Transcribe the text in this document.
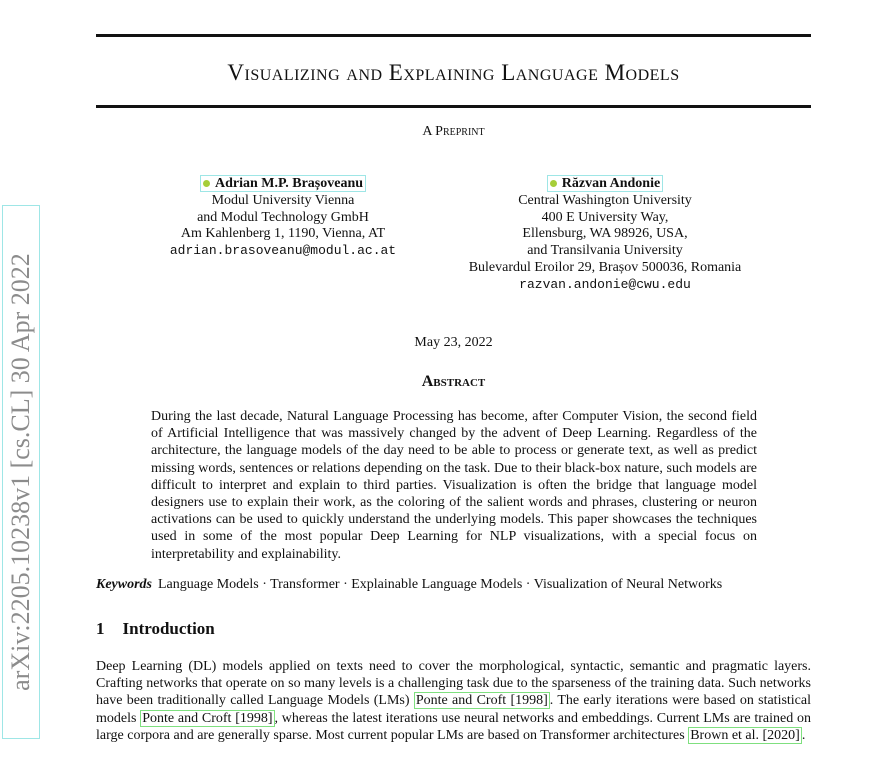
arXiv:2205.10238v1 [cs.CL] 30 Apr 2022
Visualizing and Explaining Language Models
A Preprint
Adrian M.P. Brașoveanu
Modul University Vienna
and Modul Technology GmbH
Am Kahlenberg 1, 1190, Vienna, AT
adrian.brasoveanu@modul.ac.at
Răzvan Andonie
Central Washington University
400 E University Way,
Ellensburg, WA 98926, USA,
and Transilvania University
Bulevardul Eroilor 29, Brașov 500036, Romania
razvan.andonie@cwu.edu
May 23, 2022
Abstract
During the last decade, Natural Language Processing has become, after Computer Vision, the second field of Artificial Intelligence that was massively changed by the advent of Deep Learning. Regardless of the architecture, the language models of the day need to be able to process or generate text, as well as predict missing words, sentences or relations depending on the task. Due to their black-box nature, such models are difficult to interpret and explain to third parties. Visualization is often the bridge that language model designers use to explain their work, as the coloring of the salient words and phrases, clustering or neuron activations can be used to quickly understand the underlying models. This paper showcases the techniques used in some of the most popular Deep Learning for NLP visualizations, with a special focus on interpretability and explainability.
Keywords Language Models · Transformer · Explainable Language Models · Visualization of Neural Networks
1 Introduction
Deep Learning (DL) models applied on texts need to cover the morphological, syntactic, semantic and pragmatic layers. Crafting networks that operate on so many levels is a challenging task due to the sparseness of the training data. Such networks have been traditionally called Language Models (LMs) Ponte and Croft [1998] . The early iterations were based on statistical models Ponte and Croft [1998] , whereas the latest iterations use neural networks and embeddings. Current LMs are trained on large corpora and are generally sparse. Most current popular LMs are based on Transformer architectures Brown et al. [2020] .
